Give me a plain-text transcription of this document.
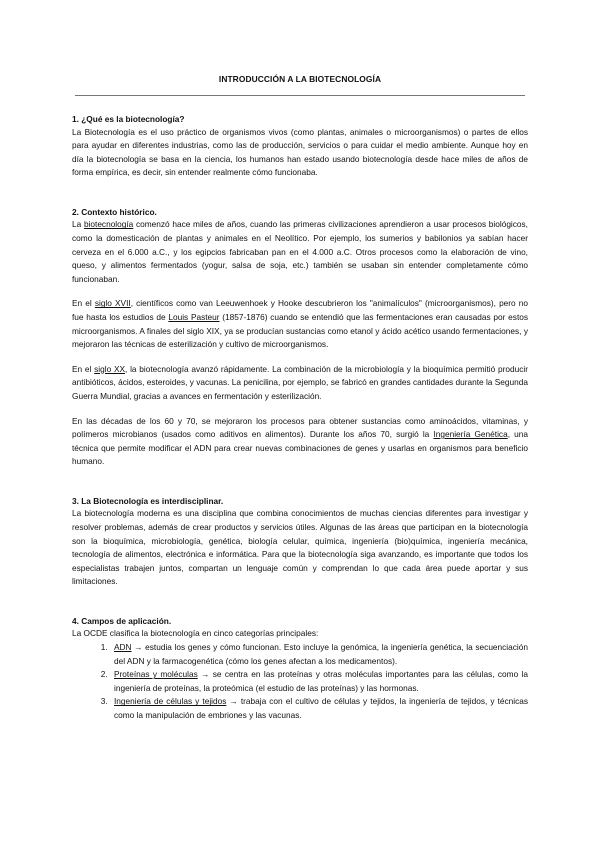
INTRODUCCIÓN A LA BIOTECNOLOGÍA
1. ¿Qué es la biotecnología?

La Biotecnología es el uso práctico de organismos vivos (como plantas, animales o microorganismos) o partes de ellos para ayudar en diferentes industrias, como las de producción, servicios o para cuidar el medio ambiente. Aunque hoy en día la biotecnología se basa en la ciencia, los humanos han estado usando biotecnología desde hace miles de años de forma empírica, es decir, sin entender realmente cómo funcionaba.

2. Contexto histórico.

La biotecnología comenzó hace miles de años, cuando las primeras civilizaciones aprendieron a usar procesos biológicos, como la domesticación de plantas y animales en el Neolítico. Por ejemplo, los sumerios y babilonios ya sabían hacer cerveza en el 6.000 a.C., y los egipcios fabricaban pan en el 4.000 a.C. Otros procesos como la elaboración de vino, queso, y alimentos fermentados (yogur, salsa de soja, etc.) también se usaban sin entender completamente cómo funcionaban.

En el siglo XVII, científicos como van Leeuwenhoek y Hooke descubrieron los "animalículos" (microorganismos), pero no fue hasta los estudios de Louis Pasteur (1857-1876) cuando se entendió que las fermentaciones eran causadas por estos microorganismos. A finales del siglo XIX, ya se producían sustancias como etanol y ácido acético usando fermentaciones, y mejoraron las técnicas de esterilización y cultivo de microorganismos.

En el siglo XX, la biotecnología avanzó rápidamente. La combinación de la microbiología y la bioquímica permitió producir antibióticos, ácidos, esteroides, y vacunas. La penicilina, por ejemplo, se fabricó en grandes cantidades durante la Segunda Guerra Mundial, gracias a avances en fermentación y esterilización.

En las décadas de los 60 y 70, se mejoraron los procesos para obtener sustancias como aminoácidos, vitaminas, y polímeros microbianos (usados como aditivos en alimentos). Durante los años 70, surgió la Ingeniería Genética, una técnica que permite modificar el ADN para crear nuevas combinaciones de genes y usarlas en organismos para beneficio humano.

3. La Biotecnología es interdisciplinar.

La biotecnología moderna es una disciplina que combina conocimientos de muchas ciencias diferentes para investigar y resolver problemas, además de crear productos y servicios útiles. Algunas de las áreas que participan en la biotecnología son la bioquímica, microbiología, genética, biología celular, química, ingeniería (bio)química, ingeniería mecánica, tecnología de alimentos, electrónica e informática. Para que la biotecnología siga avanzando, es importante que todos los especialistas trabajen juntos, compartan un lenguaje común y comprendan lo que cada área puede aportar y sus limitaciones.

4. Campos de aplicación.

La OCDE clasifica la biotecnología en cinco categorías principales:

1. ADN → estudia los genes y cómo funcionan. Esto incluye la genómica, la ingeniería genética, la secuenciación del ADN y la farmacogenética (cómo los genes afectan a los medicamentos).
2. Proteínas y moléculas → se centra en las proteínas y otras moléculas importantes para las células, como la ingeniería de proteínas, la proteómica (el estudio de las proteínas) y las hormonas.
3. Ingeniería de células y tejidos → trabaja con el cultivo de células y tejidos, la ingeniería de tejidos, y técnicas como la manipulación de embriones y las vacunas.
